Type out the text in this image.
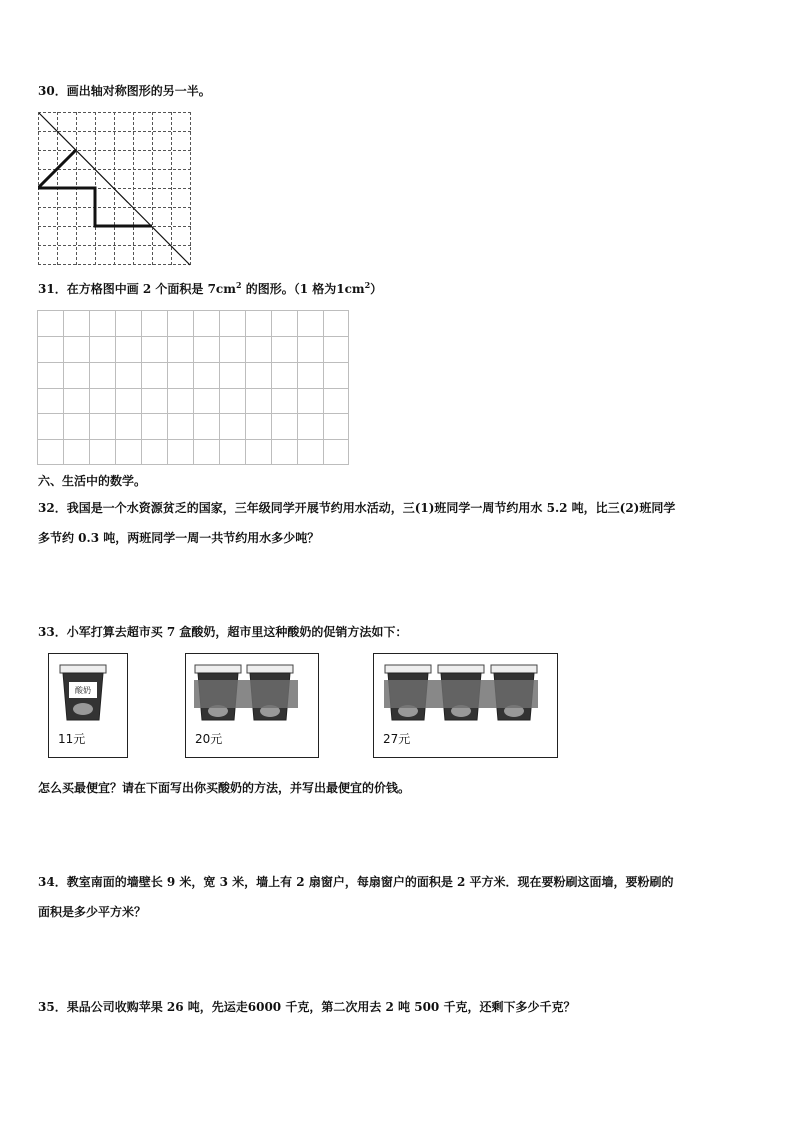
30．画出轴对称图形的另一半。
31．在方格图中画 2 个面积是 $7cm^2$ 的图形。（1 格为$1cm^2$）
六、生活中的数学。
32．我国是一个水资源贫乏的国家，三年级同学开展节约用水活动，三(1)班同学一周节约用水 5.2 吨，比三(2)班同学
多节约 0.3 吨，两班同学一周一共节约用水多少吨？
33．小军打算去超市买 7 盒酸奶，超市里这种酸奶的促销方法如下：
酸奶
11元	20元	27元
怎么买最便宜？请在下面写出你买酸奶的方法，并写出最便宜的价钱。
34．教室南面的墙壁长 9 米，宽 3 米，墙上有 2 扇窗户，每扇窗户的面积是 2 平方米．现在要粉刷这面墙，要粉刷的
面积是多少平方米？
35．果品公司收购苹果 26 吨，先运走6000 千克，第二次用去 2 吨 500 千克，还剩下多少千克？
